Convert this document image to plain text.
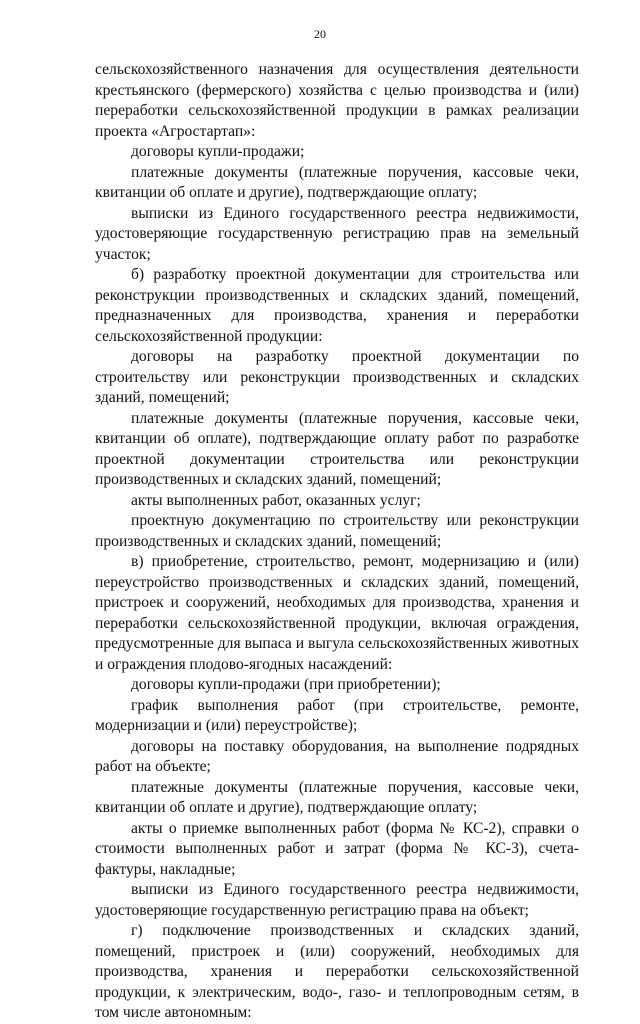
20

сельскохозяйственного назначения для осуществления деятельности крестьянского (фермерского) хозяйства с целью производства и (или) переработки сельскохозяйственной продукции в рамках реализации проекта «Агростартап»:

договоры купли-продажи;

платежные документы (платежные поручения, кассовые чеки, квитанции об оплате и другие), подтверждающие оплату;

выписки из Единого государственного реестра недвижимости, удостоверяющие государственную регистрацию прав на земельный участок;

б) разработку проектной документации для строительства или реконструкции производственных и складских зданий, помещений, предназначенных для производства, хранения и переработки сельскохозяйственной продукции:

договоры на разработку проектной документации по строительству или реконструкции производственных и складских зданий, помещений;

платежные документы (платежные поручения, кассовые чеки, квитанции об оплате), подтверждающие оплату работ по разработке проектной документации строительства или реконструкции производственных и складских зданий, помещений;

акты выполненных работ, оказанных услуг;

проектную документацию по строительству или реконструкции производственных и складских зданий, помещений;

в) приобретение, строительство, ремонт, модернизацию и (или) переустройство производственных и складских зданий, помещений, пристроек и сооружений, необходимых для производства, хранения и переработки сельскохозяйственной продукции, включая ограждения, предусмотренные для выпаса и выгула сельскохозяйственных животных и ограждения плодово-ягодных насаждений:

договоры купли-продажи (при приобретении);

график выполнения работ (при строительстве, ремонте, модернизации и (или) переустройстве);

договоры на поставку оборудования, на выполнение подрядных работ на объекте;

платежные документы (платежные поручения, кассовые чеки, квитанции об оплате и другие), подтверждающие оплату;

акты о приемке выполненных работ (форма № КС-2), справки о стоимости выполненных работ и затрат (форма № КС-3), счета-фактуры, накладные;

выписки из Единого государственного реестра недвижимости, удостоверяющие государственную регистрацию права на объект;

г) подключение производственных и складских зданий, помещений, пристроек и (или) сооружений, необходимых для производства, хранения и переработки сельскохозяйственной продукции, к электрическим, водо-, газо- и теплопроводным сетям, в том числе автономным:
